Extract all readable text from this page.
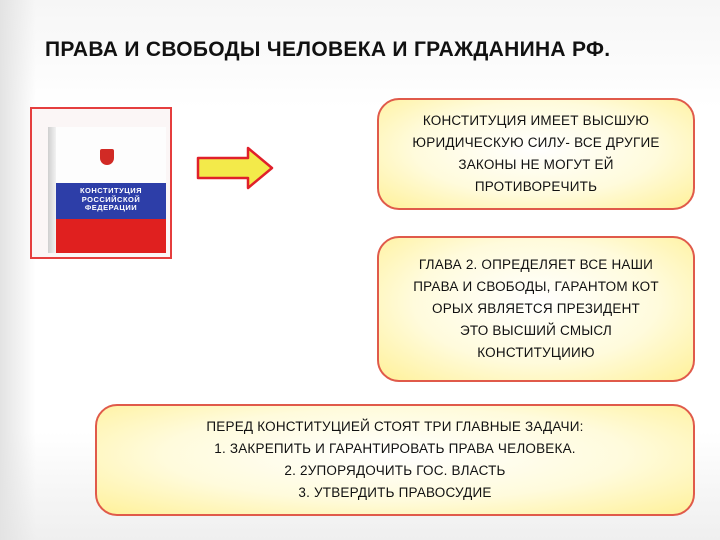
ПРАВА И СВОБОДЫ ЧЕЛОВЕКА И ГРАЖДАНИНА РФ.
КОНСТИТУЦИЯ
РОССИЙСКОЙ
ФЕДЕРАЦИИ
КОНСТИТУЦИЯ ИМЕЕТ ВЫСШУЮ
ЮРИДИЧЕСКУЮ СИЛУ- ВСЕ ДРУГИЕ
ЗАКОНЫ НЕ МОГУТ ЕЙ
ПРОТИВОРЕЧИТЬ
ГЛАВА 2. ОПРЕДЕЛЯЕТ ВСЕ НАШИ
ПРАВА И СВОБОДЫ, ГАРАНТОМ КОТ
ОРЫХ ЯВЛЯЕТСЯ ПРЕЗИДЕНТ
ЭТО ВЫСШИЙ СМЫСЛ
КОНСТИТУЦИИЮ
ПЕРЕД КОНСТИТУЦИЕЙ СТОЯТ ТРИ ГЛАВНЫЕ ЗАДАЧИ:
1. ЗАКРЕПИТЬ И ГАРАНТИРОВАТЬ ПРАВА ЧЕЛОВЕКА.
2. 2УПОРЯДОЧИТЬ ГОС. ВЛАСТЬ
3. УТВЕРДИТЬ ПРАВОСУДИЕ
